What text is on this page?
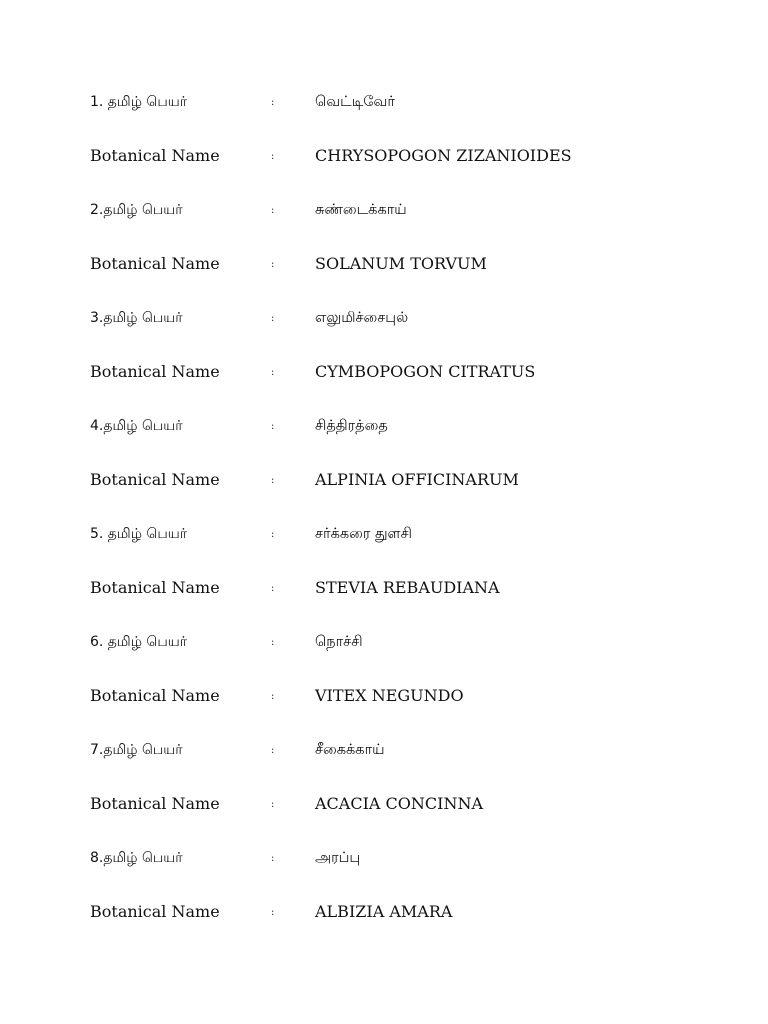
1. தமிழ் பெயர்	:	வெட்டிவேர்
Botanical Name	:	CHRYSOPOGON ZIZANIOIDES
2.தமிழ் பெயர்	:	சுண்டைக்காய்
Botanical Name	:	SOLANUM TORVUM
3.தமிழ் பெயர்	:	எலுமிச்சைபுல்
Botanical Name	:	CYMBOPOGON CITRATUS
4.தமிழ் பெயர்	:	சித்திரத்தை
Botanical Name	:	ALPINIA OFFICINARUM
5. தமிழ் பெயர்	:	சர்க்கரை துளசி
Botanical Name	:	STEVIA REBAUDIANA
6. தமிழ் பெயர்	:	நொச்சி
Botanical Name	:	VITEX NEGUNDO
7.தமிழ் பெயர்	:	சீகைக்காய்
Botanical Name	:	ACACIA CONCINNA
8.தமிழ் பெயர்	:	அரப்பு
Botanical Name	:	ALBIZIA AMARA
